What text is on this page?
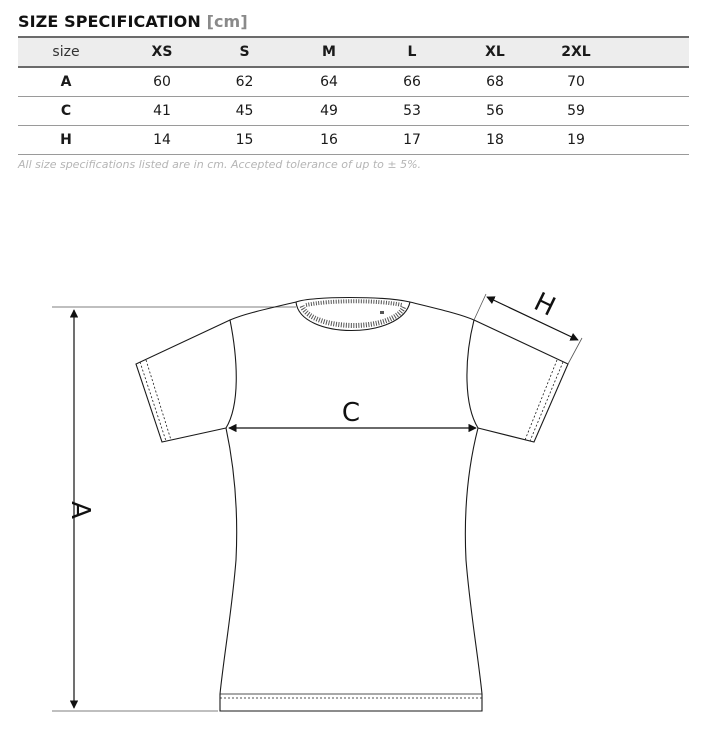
SIZE SPECIFICATION [cm]
size	XS	S	M	L	XL	2XL	
A	60	62	64	66	68	70	
C	41	45	49	53	56	59	
H	14	15	16	17	18	19	
All size specifications listed are in cm. Accepted tolerance of up to ± 5%.
A
C
H
